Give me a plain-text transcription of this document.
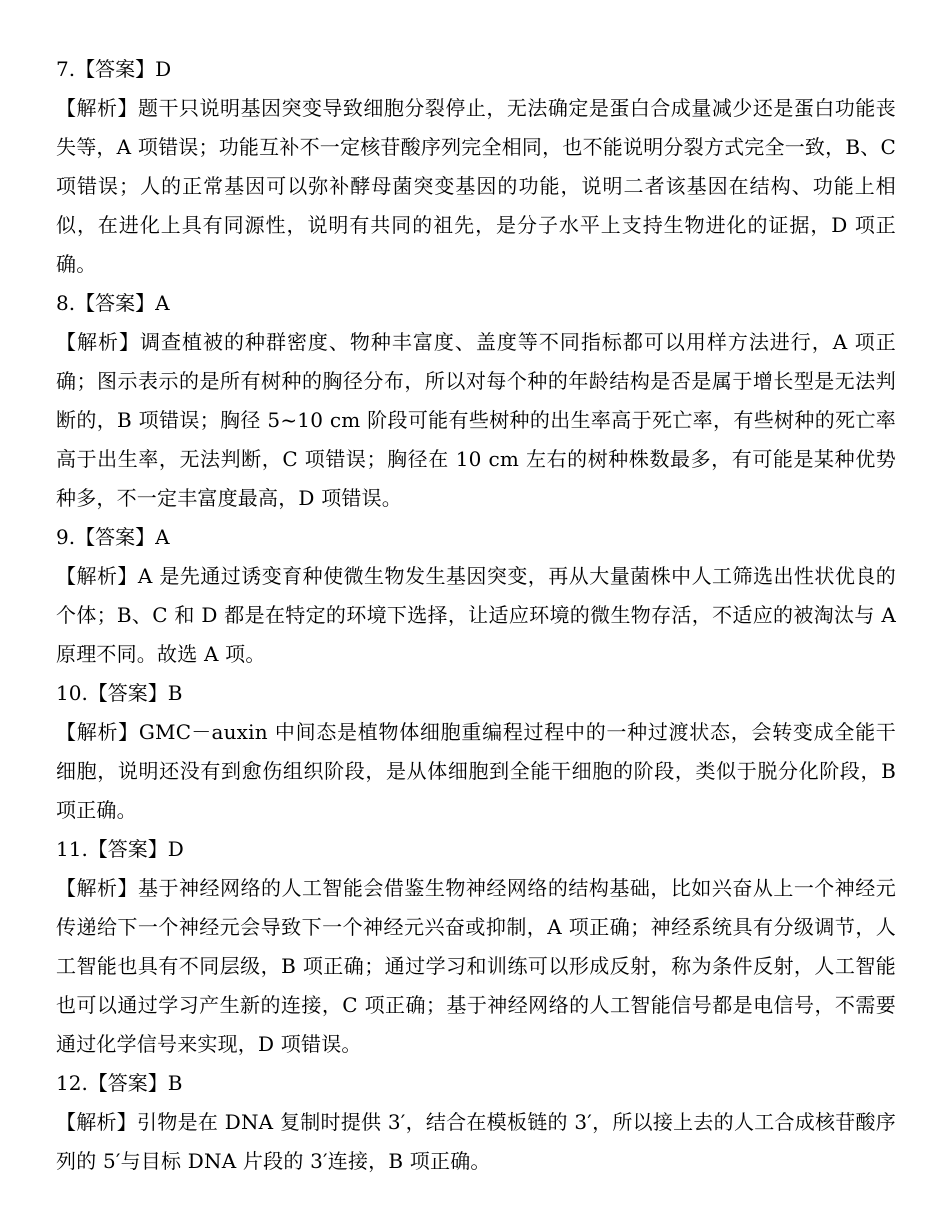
7.【答案】D

【解析】题干只说明基因突变导致细胞分裂停止，无法确定是蛋白合成量减少还是蛋白功能丧失等，A 项错误；功能互补不一定核苷酸序列完全相同，也不能说明分裂方式完全一致，B、C 项错误；人的正常基因可以弥补酵母菌突变基因的功能，说明二者该基因在结构、功能上相似，在进化上具有同源性，说明有共同的祖先，是分子水平上支持生物进化的证据，D 项正确。

8.【答案】A

【解析】调查植被的种群密度、物种丰富度、盖度等不同指标都可以用样方法进行，A 项正确；图示表示的是所有树种的胸径分布，所以对每个种的年龄结构是否是属于增长型是无法判断的，B 项错误；胸径 5~10 cm 阶段可能有些树种的出生率高于死亡率，有些树种的死亡率高于出生率，无法判断，C 项错误；胸径在 10 cm 左右的树种株数最多，有可能是某种优势种多，不一定丰富度最高，D 项错误。

9.【答案】A

【解析】A 是先通过诱变育种使微生物发生基因突变，再从大量菌株中人工筛选出性状优良的个体；B、C 和 D 都是在特定的环境下选择，让适应环境的微生物存活，不适应的被淘汰与 A 原理不同。故选 A 项。

10.【答案】B

【解析】GMC－auxin 中间态是植物体细胞重编程过程中的一种过渡状态，会转变成全能干细胞，说明还没有到愈伤组织阶段，是从体细胞到全能干细胞的阶段，类似于脱分化阶段，B 项正确。

11.【答案】D

【解析】基于神经网络的人工智能会借鉴生物神经网络的结构基础，比如兴奋从上一个神经元传递给下一个神经元会导致下一个神经元兴奋或抑制，A 项正确；神经系统具有分级调节，人工智能也具有不同层级，B 项正确；通过学习和训练可以形成反射，称为条件反射，人工智能也可以通过学习产生新的连接，C 项正确；基于神经网络的人工智能信号都是电信号，不需要通过化学信号来实现，D 项错误。

12.【答案】B

【解析】引物是在 DNA 复制时提供 3′，结合在模板链的 3′，所以接上去的人工合成核苷酸序列的 5′与目标 DNA 片段的 3′连接，B 项正确。
